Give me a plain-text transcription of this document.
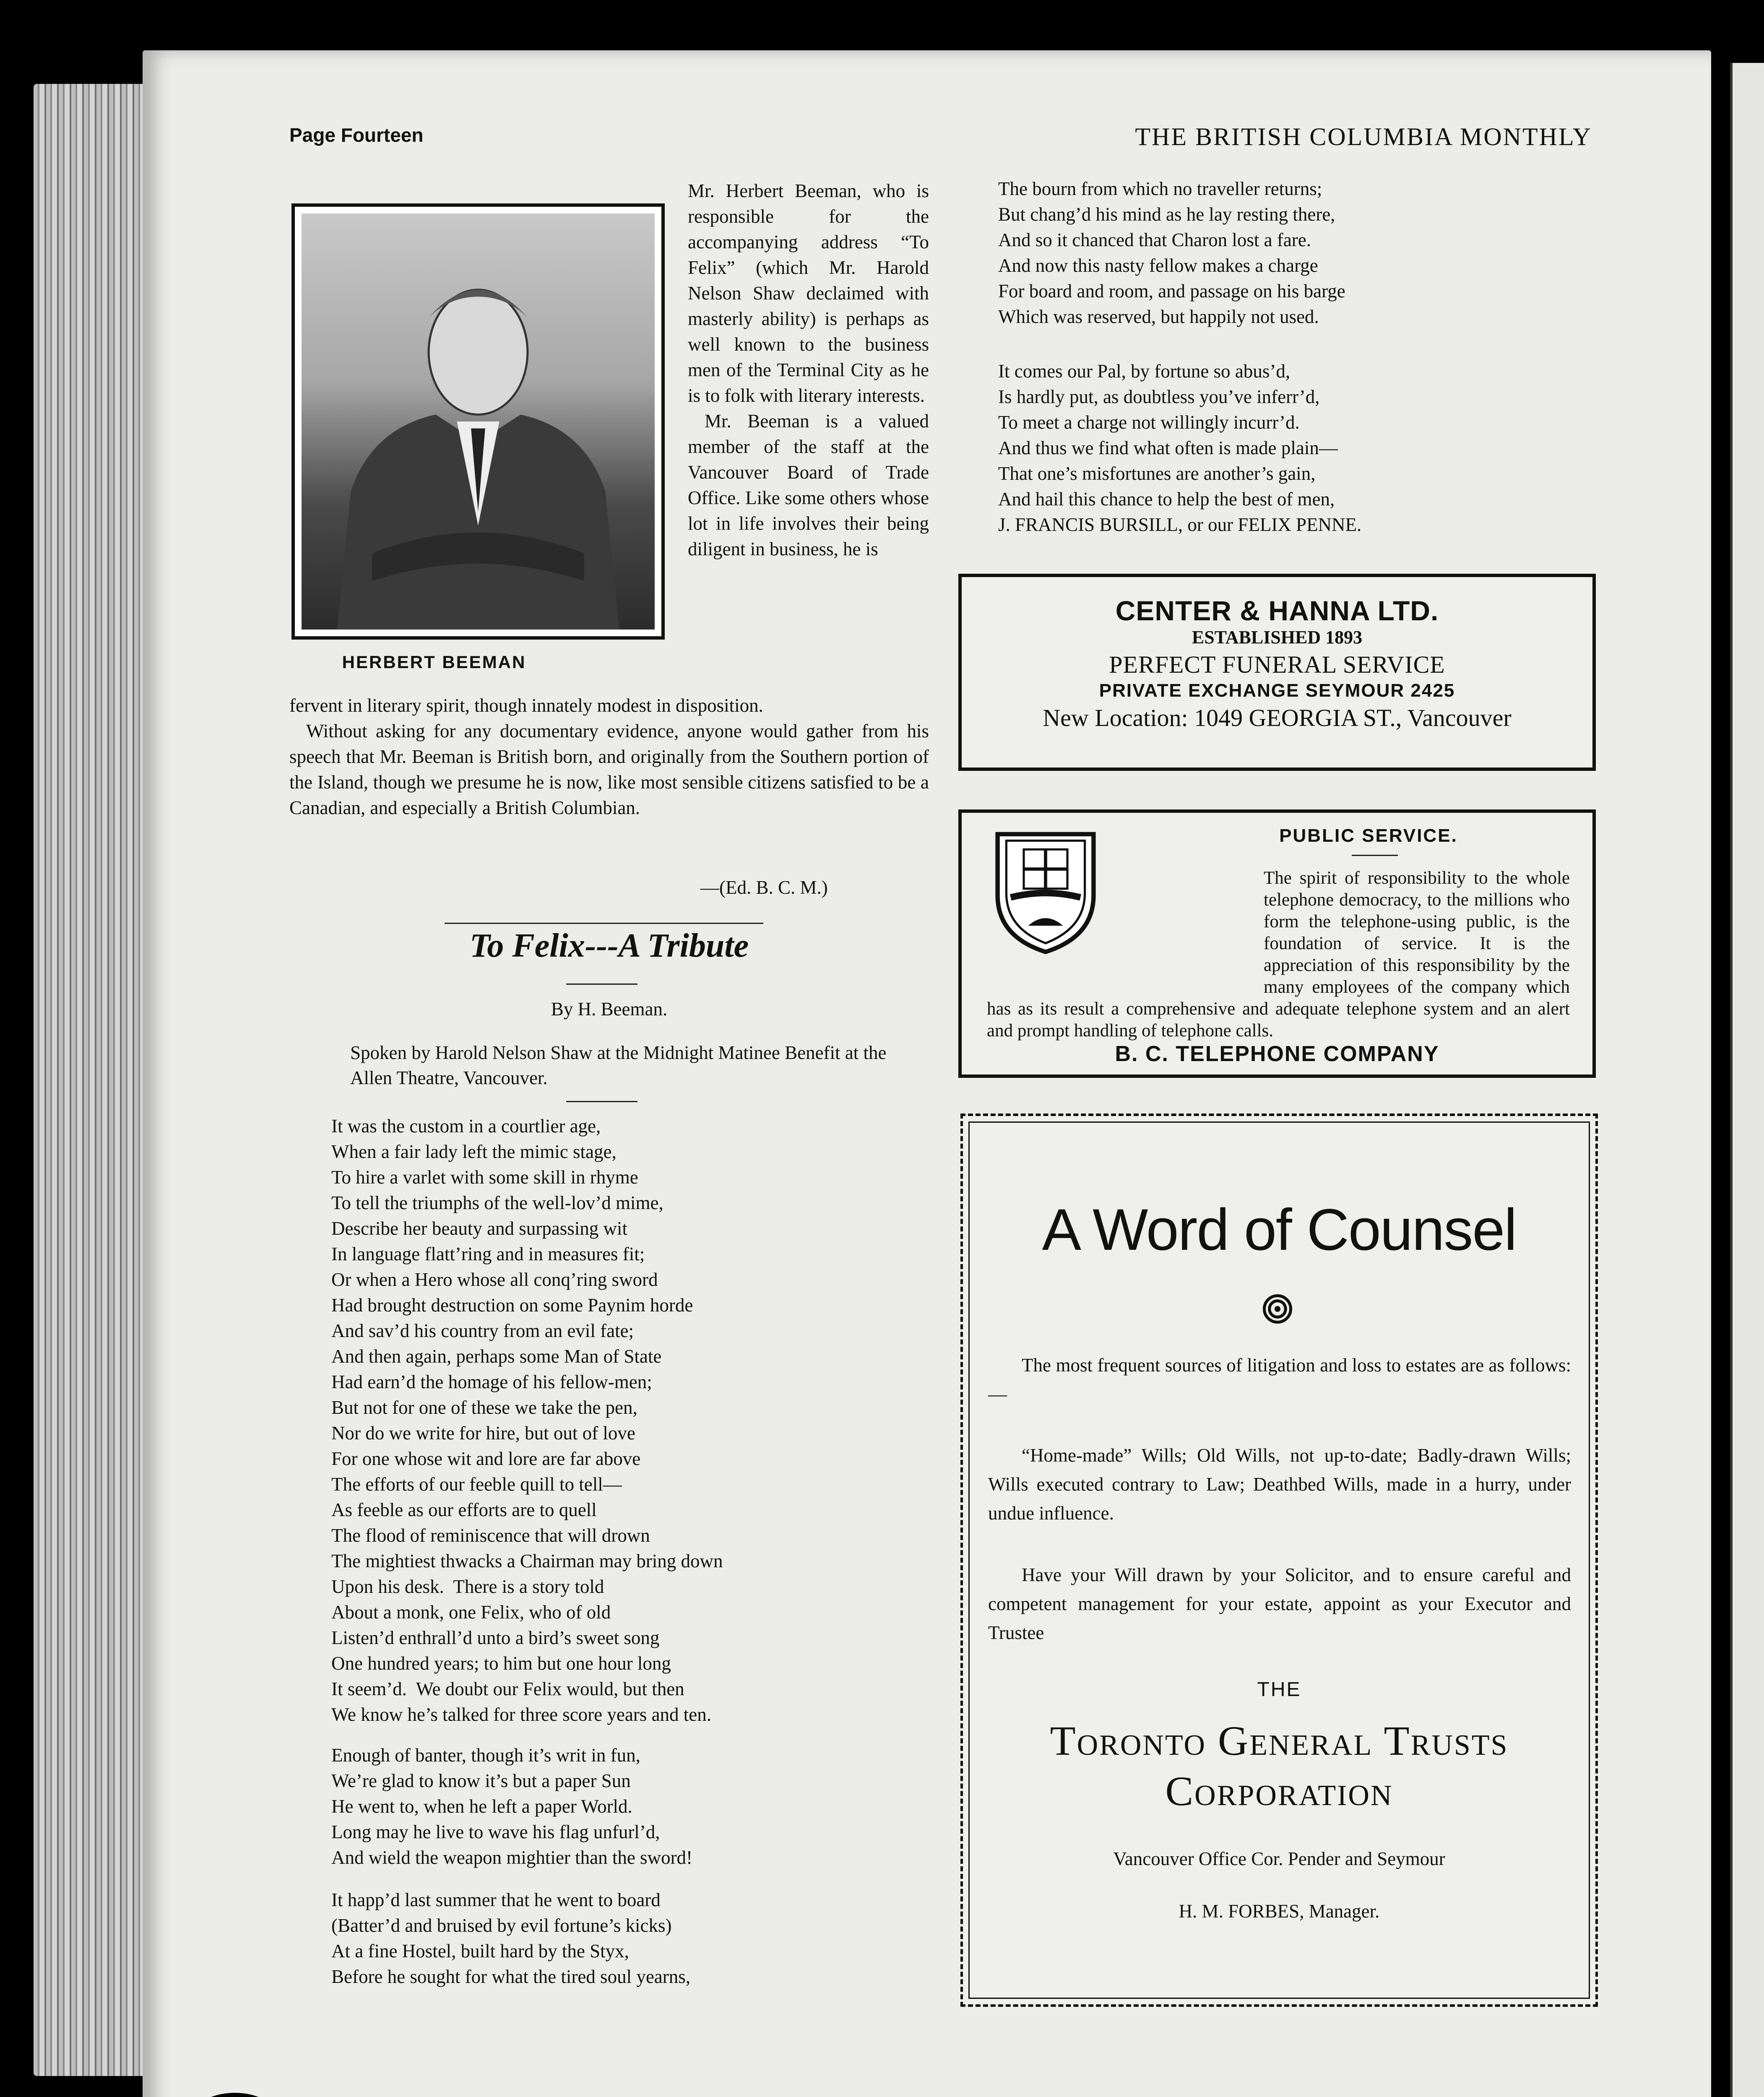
Page Fourteen	THE BRITISH COLUMBIA MONTHLY
HERBERT BEEMAN

Mr. Herbert Beeman, who is responsible for the accompanying address “To Felix” (which Mr. Harold Nelson Shaw declaimed with masterly ability) is perhaps as well known to the business men of the Terminal City as he is to folk with literary interests.

Mr. Beeman is a valued member of the staff at the Vancouver Board of Trade Office. Like some others whose lot in life involves their being diligent in business, he is

fervent in literary spirit, though innately modest in disposition.

Without asking for any documentary evidence, anyone would gather from his speech that Mr. Beeman is British born, and originally from the Southern portion of the Island, though we presume he is now, like most sensible citizens satisfied to be a Canadian, and especially a British Columbian.

—(Ed. B. C. M.)
To Felix---A Tribute
By H. Beeman.
Spoken by Harold Nelson Shaw at the Midnight Matinee Benefit at the Allen Theatre, Vancouver.
It was the custom in a courtlier age,
When a fair lady left the mimic stage,
To hire a varlet with some skill in rhyme
To tell the triumphs of the well-lov’d mime,
Describe her beauty and surpassing wit
In language flatt’ring and in measures fit;
Or when a Hero whose all conq’ring sword
Had brought destruction on some Paynim horde
And sav’d his country from an evil fate;
And then again, perhaps some Man of State
Had earn’d the homage of his fellow-men;
But not for one of these we take the pen,
Nor do we write for hire, but out of love
For one whose wit and lore are far above
The efforts of our feeble quill to tell—
As feeble as our efforts are to quell
The flood of reminiscence that will drown
The mightiest thwacks a Chairman may bring down
Upon his desk.  There is a story told
About a monk, one Felix, who of old
Listen’d enthrall’d unto a bird’s sweet song
One hundred years; to him but one hour long
It seem’d.  We doubt our Felix would, but then
We know he’s talked for three score years and ten.
Enough of banter, though it’s writ in fun,
We’re glad to know it’s but a paper Sun
He went to, when he left a paper World.
Long may he live to wave his flag unfurl’d,
And wield the weapon mightier than the sword!
It happ’d last summer that he went to board
(Batter’d and bruised by evil fortune’s kicks)
At a fine Hostel, built hard by the Styx,
Before he sought for what the tired soul yearns,
The bourn from which no traveller returns;
But chang’d his mind as he lay resting there,
And so it chanced that Charon lost a fare.
And now this nasty fellow makes a charge
For board and room, and passage on his barge
Which was reserved, but happily not used.
It comes our Pal, by fortune so abus’d,
Is hardly put, as doubtless you’ve inferr’d,
To meet a charge not willingly incurr’d.
And thus we find what often is made plain—
That one’s misfortunes are another’s gain,
And hail this chance to help the best of men,
J. FRANCIS BURSILL, or our FELIX PENNE.
CENTER & HANNA LTD.
ESTABLISHED 1893
PERFECT FUNERAL SERVICE
PRIVATE EXCHANGE SEYMOUR 2425
New Location: 1049 GEORGIA ST., Vancouver
PUBLIC SERVICE.
The spirit of responsibility to the whole telephone democracy, to the millions who form the telephone-using public, is the foundation of service. It is the appreciation of this responsibility by the many employees of the company which has as its result a comprehensive and adequate telephone system and an alert and prompt handling of telephone calls.
B. C. TELEPHONE COMPANY
A Word of Counsel
The most frequent sources of litigation and loss to estates are as follows:—
“Home-made” Wills; Old Wills, not up-to-date; Badly-drawn Wills; Wills executed contrary to Law; Deathbed Wills, made in a hurry, under undue influence.
Have your Will drawn by your Solicitor, and to ensure careful and competent management for your estate, appoint as your Executor and Trustee
THE
Toronto General Trusts Corporation
Vancouver Office Cor. Pender and Seymour
H. M. FORBES, Manager.
